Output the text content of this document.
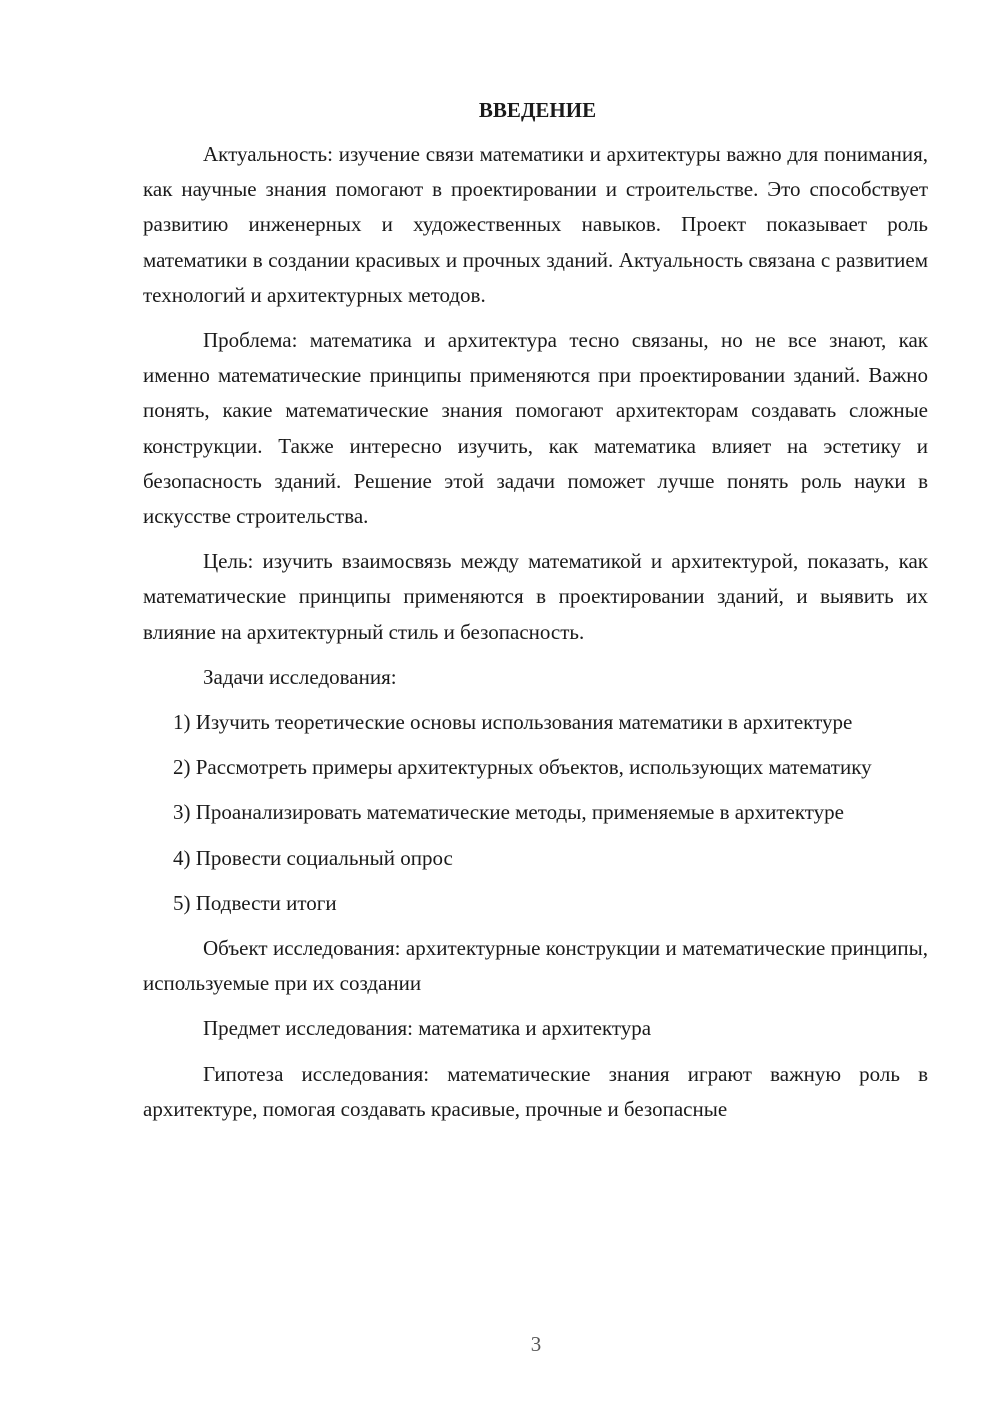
ВВЕДЕНИЕ

Актуальность: изучение связи математики и архитектуры важно для понимания, как научные знания помогают в проектировании и строительстве. Это способствует развитию инженерных и художественных навыков. Проект показывает роль математики в создании красивых и прочных зданий. Актуальность связана с развитием технологий и архитектурных методов.

Проблема: математика и архитектура тесно связаны, но не все знают, как именно математические принципы применяются при проектировании зданий. Важно понять, какие математические знания помогают архитекторам создавать сложные конструкции. Также интересно изучить, как математика влияет на эстетику и безопасность зданий. Решение этой задачи поможет лучше понять роль науки в искусстве строительства.

Цель: изучить взаимосвязь между математикой и архитектурой, показать, как математические принципы применяются в проектировании зданий, и выявить их влияние на архитектурный стиль и безопасность.

Задачи исследования:

1) Изучить теоретические основы использования математики в архитектуре

2) Рассмотреть примеры архитектурных объектов, использующих математику

3) Проанализировать математические методы, применяемые в архитектуре

4) Провести социальный опрос

5) Подвести итоги

Объект исследования: архитектурные конструкции и математические принципы, используемые при их создании

Предмет исследования: математика и архитектура

Гипотеза исследования: математические знания играют важную роль в архитектуре, помогая создавать красивые, прочные и безопасные

3
